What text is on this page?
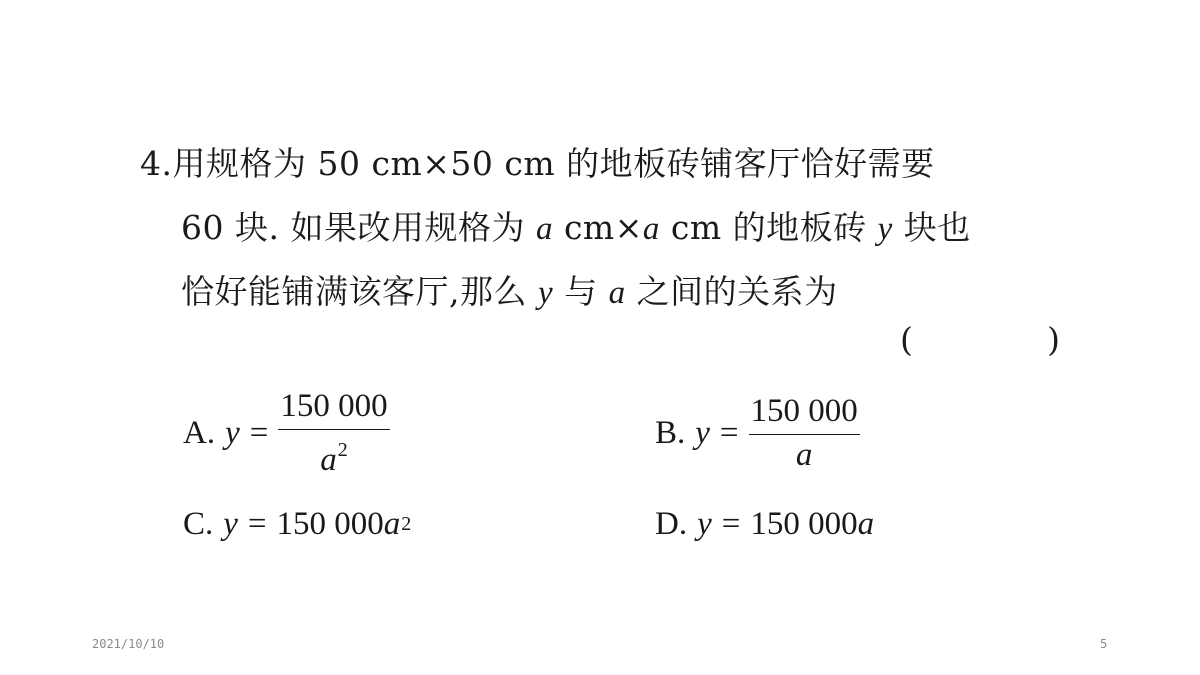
4.用规格为 50 cm×50 cm 的地板砖铺客厅恰好需要
60 块. 如果改用规格为 a cm×a cm 的地板砖 y 块也
恰好能铺满该客厅,那么 y 与 a 之间的关系为
(	)
A. $y = \frac{150 000}{a^2}$	B. $y = \frac{150 000}{a}$
C. y = 150 000 a 2	D. y = 150 000 a
2021/10/10	5
